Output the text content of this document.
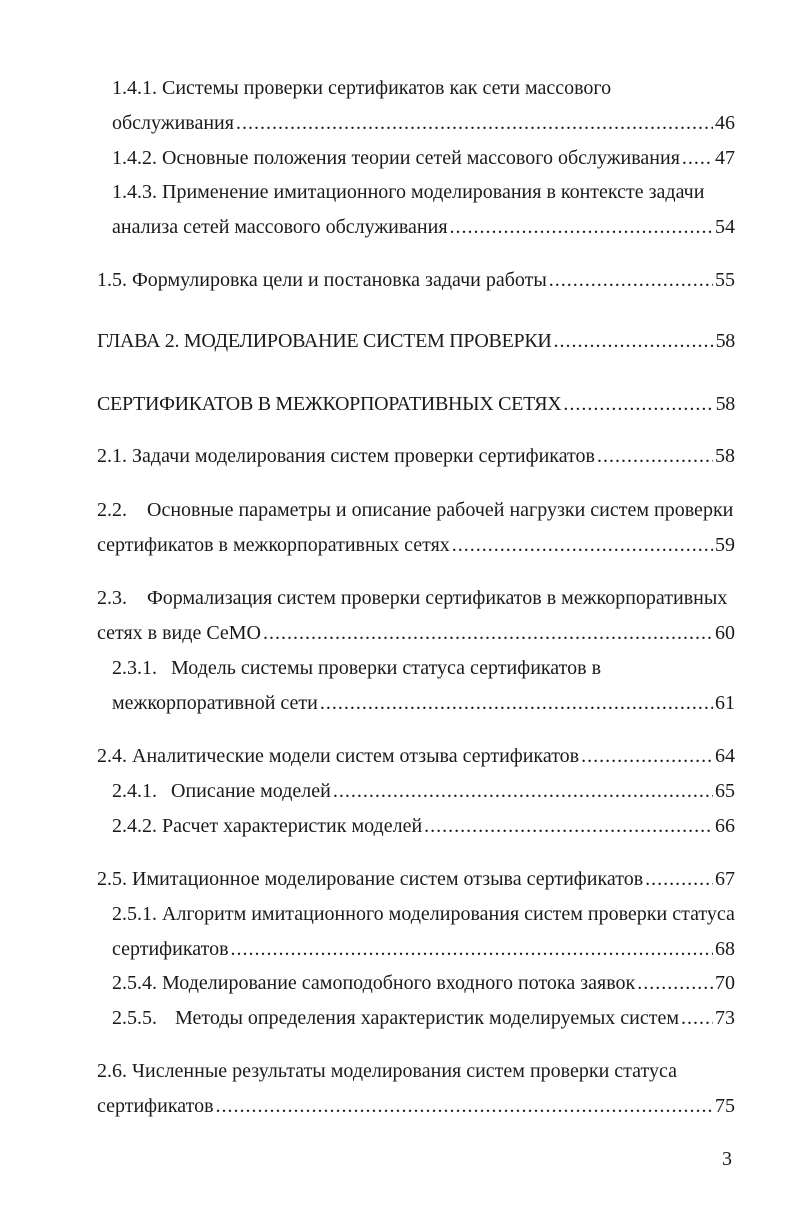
1.4.1. Системы проверки сертификатов как сети массового
обслуживания .....	46
1.4.2. Основные положения теории сетей массового обслуживания ..... 47
1.4.3. Применение имитационного моделирования в контексте задачи
анализа сетей массового обслуживания .....	54
1.5. Формулировка цели и постановка задачи работы .....	55
ГЛАВА 2. МОДЕЛИРОВАНИЕ СИСТЕМ ПРОВЕРКИ .....	58
СЕРТИФИКАТОВ В МЕЖКОРПОРАТИВНЫХ СЕТЯХ .....	58
2.1. Задачи моделирования систем проверки сертификатов .....	58
2.2. Основные параметры и описание рабочей нагрузки систем проверки
сертификатов в межкорпоративных сетях .....	59
2.3. Формализация систем проверки сертификатов в межкорпоративных
сетях в виде СеМО .....	60
2.3.1. Модель системы проверки статуса сертификатов в
межкорпоративной сети .....	61
2.4. Аналитические модели систем отзыва сертификатов .....	64
2.4.1. Описание моделей .....	65
2.4.2. Расчет характеристик моделей .....	66
2.5. Имитационное моделирование систем отзыва сертификатов .....	67
2.5.1. Алгоритм имитационного моделирования систем проверки статуса
сертификатов .....	68
2.5.4. Моделирование самоподобного входного потока заявок .....	70
2.5.5. Методы определения характеристик моделируемых систем ..... 73
2.6. Численные результаты моделирования систем проверки статуса
сертификатов .....	75
3
